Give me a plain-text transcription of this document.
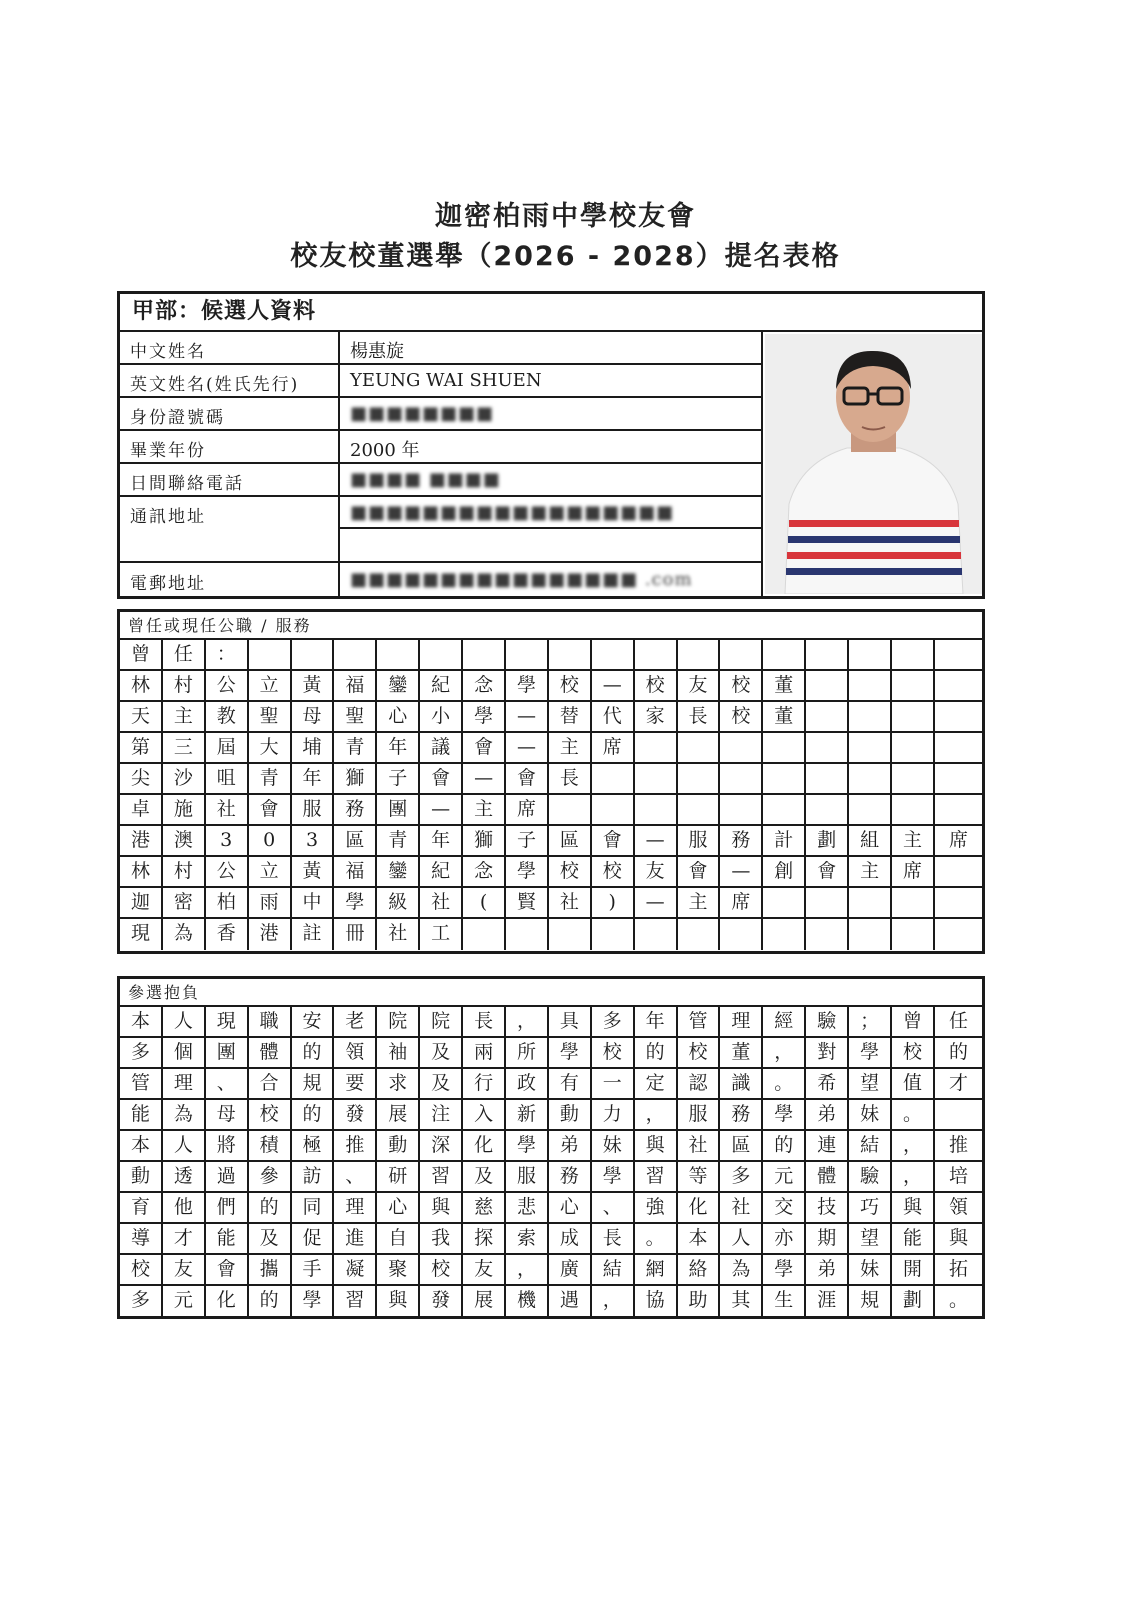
迦密柏雨中學校友會
校友校董選舉（2026 - 2028）提名表格
甲部：候選人資料
中文姓名	楊惠旋
英文姓名(姓氏先行)	YEUNG WAI SHUEN
身份證號碼	■■■■■■■■
畢業年份	2000 年
日間聯絡電話	■■■■ ■■■■
通訊地址	■■■■■■■■■■■■■■■■■■
電郵地址	■■■■■■■■■■■■■■■■ .com
曾任或現任公職 / 服務
曾	任	：
林	村	公	立	黃	福	鑾	紀	念	學	校	—	校	友	校	董
天	主	教	聖	母	聖	心	小	學	—	替	代	家	長	校	董
第	三	屆	大	埔	青	年	議	會	—	主	席
尖	沙	咀	青	年	獅	子	會	—	會	長
卓	施	社	會	服	務	團	—	主	席
港	澳	3	0	3	區	青	年	獅	子	區	會	—	服	務	計	劃	組	主	席
林	村	公	立	黃	福	鑾	紀	念	學	校	校	友	會	—	創	會	主	席
迦	密	柏	雨	中	學	級	社	(	賢	社	)	—	主	席
現	為	香	港	註	冊	社	工
參選抱負
本	人	現	職	安	老	院	院	長	，	具	多	年	管	理	經	驗	；	曾	任
多	個	團	體	的	領	袖	及	兩	所	學	校	的	校	董	，	對	學	校	的
管	理	、	合	規	要	求	及	行	政	有	一	定	認	識	。	希	望	值	才
能	為	母	校	的	發	展	注	入	新	動	力	，	服	務	學	弟	妹	。
本	人	將	積	極	推	動	深	化	學	弟	妹	與	社	區	的	連	結	，	推
動	透	過	參	訪	、	研	習	及	服	務	學	習	等	多	元	體	驗	，	培
育	他	們	的	同	理	心	與	慈	悲	心	、	強	化	社	交	技	巧	與	領
導	才	能	及	促	進	自	我	探	索	成	長	。	本	人	亦	期	望	能	與
校	友	會	攜	手	凝	聚	校	友	，	廣	結	網	絡	為	學	弟	妹	開	拓
多	元	化	的	學	習	與	發	展	機	遇	，	協	助	其	生	涯	規	劃	。
